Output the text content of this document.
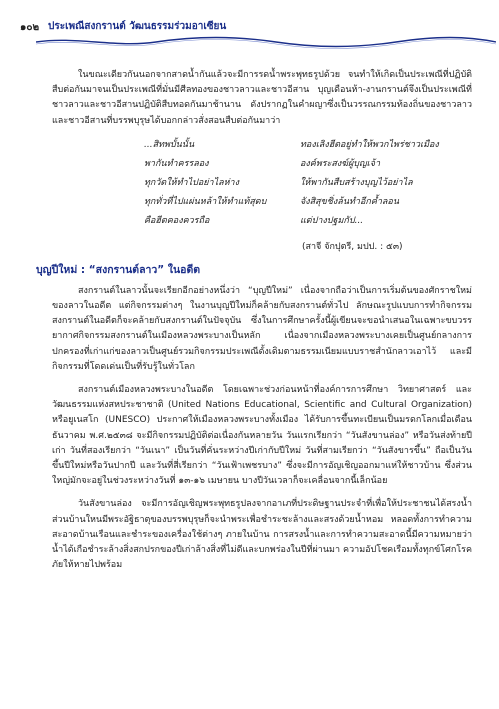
๑๐๒ ประเพณีสงกรานต์ วัฒนธรรมร่วมอาเซียน

ในขณะเดียวกันนอกจากสาดน้ำกันแล้วจะมีการรดน้ำพระพุทธรูปด้วย จนทำให้เกิดเป็นประเพณีที่ปฏิบัติสืบต่อกันมาจนเป็นประเพณีที่มั่นมีศีลทองของชาวลาวและชาวอีสาน บุญเดือนห้า-งานกรานต์จึงเป็นประเพณีที่ชาวลาวและชาวอีสานปฏิบัติสืบทอดกันมาช้านาน ดังปรากฏในคำผญาซึ่งเป็นวรรณกรรมท้องถิ่นของชาวลาวและชาวอีสานที่บรรพบุรุษได้บอกกล่าวสั่งสอนสืบต่อกันมาว่า

...สิทพบั้นนั้น
พากันทำครรลอง
ทุกวัดให้ทำไปอย่าไลห่าง
ทุกทั่วที่ไปแผ่นหล้าให้ทำแท้สุดบ
คือฮีตคองควรถือ
ทองเลิงฮีดอยู่ทำให้พวกไพร่ชาวเมือง
องค์พระสงฆ์ผู้บุญเจ้า
ให้พากันสืบสร้างบุญไว้อย่าไล
จังสิสุขชิ่งล้นทำอีกค้ำลอน
แต่ปางปฐมกัป...
(สาจี จักปุตรี, มปป. : ๕๓)
บุญปีใหม่ : “สงกรานต์ลาว” ในอดีต

สงกรานต์ในลาวนั้นจะเรียกอีกอย่างหนึ่งว่า “บุญปีใหม่” เนื่องจากถือว่าเป็นการเริ่มต้นของศักราชใหม่ของลาวในอดีต แต่กิจกรรมต่างๆ ในงานบุญปีใหม่ก็คล้ายกับสงกรานต์ทั่วไป ลักษณะรูปแบบการทำกิจกรรมสงกรานต์ในอดีตก็จะคล้ายกับสงกรานต์ในปัจจุบัน ซึ่งในการศึกษาครั้งนี้ผู้เขียนจะขอนำเสนอในเฉพาะขบวรรยากาศกิจกรรมสงกรานต์ในเมืองหลวงพระบางเป็นหลัก เนื่องจากเมืองหลวงพระบางเคยเป็นศูนย์กลางการปกครองที่เก่าแก่ของลาวเป็นศูนย์รวมกิจกรรมประเพณีดั้งเดิมตามธรรมเนียมแบบราชสำนักลาวเอาไว้ และมีกิจกรรมที่โดดเด่นเป็นที่รับรู้ในทั่วโลก

สงกรานต์เมืองหลวงพระบางในอดีต โดยเฉพาะช่วงก่อนหน้าที่องค์การการศึกษา วิทยาศาสตร์ และวัฒนธรรมแห่งสหประชาชาติ (United Nations Educational, Scientific and Cultural Organization) หรือยูเนสโก (UNESCO) ประกาศให้เมืองหลวงพระบางทั้งเมือง ได้รับการขึ้นทะเบียนเป็นมรดกโลกเมื่อเดือนธันวาคม พ.ศ.๒๕๓๘ จะมีกิจกรรมปฏิบัติต่อเนื่องกันหลายวัน วันแรกเรียกว่า “วันสังขานล่อง” หรือวันส่งท้ายปีเก่า วันที่สองเรียกว่า “วันเนา” เป็นวันที่คั่นระหว่างปีเก่ากับปีใหม่ วันที่สามเรียกว่า “วันสังขารขึ้น” ถือเป็นวันขึ้นปีใหม่หรือวันปากปี และวันที่สี่เรียกว่า “วันเฟ้าเพชรบาง” ซึ่งจะมีการอัญเชิญออกมาแห่ให้ชาวบ้าน ซึ่งส่วนใหญ่มักจะอยู่ในช่วงระหว่างวันที่ ๑๓-๑๖ เมษายน บางปีวันเวลาก็จะเคลื่อนจากนี้เล็กน้อย

วันสังขานล่อง จะมีการอัญเชิญพระพุทธรูปลงจากอาเภที่ประดิษฐานประจำที่เพื่อให้ประชาชนได้สรงน้ำ ส่วนบ้านใหนมีพระอัฐิธาตุของบรรพบุรุษก็จะนำพระเพื่อชำระชะล้างและสรงด้วยน้ำหอม หลอดทั้งการทำความสะอาดบ้านเรือนและชำระของเครื่องใช้ต่างๆ ภายในบ้าน การสรงน้ำและการทำความสะอาดนี้มีความหมายว่า น้ำได้เกือชำระล้างสิ่งสกปรกของปีเก่าล้างสิ่งที่ไม่ดีและบกพร่องในปีที่ผ่านมา ความอัปโชคเรือมทั้งทุกข์โศกโรคภัยให้หายไปพร้อม
